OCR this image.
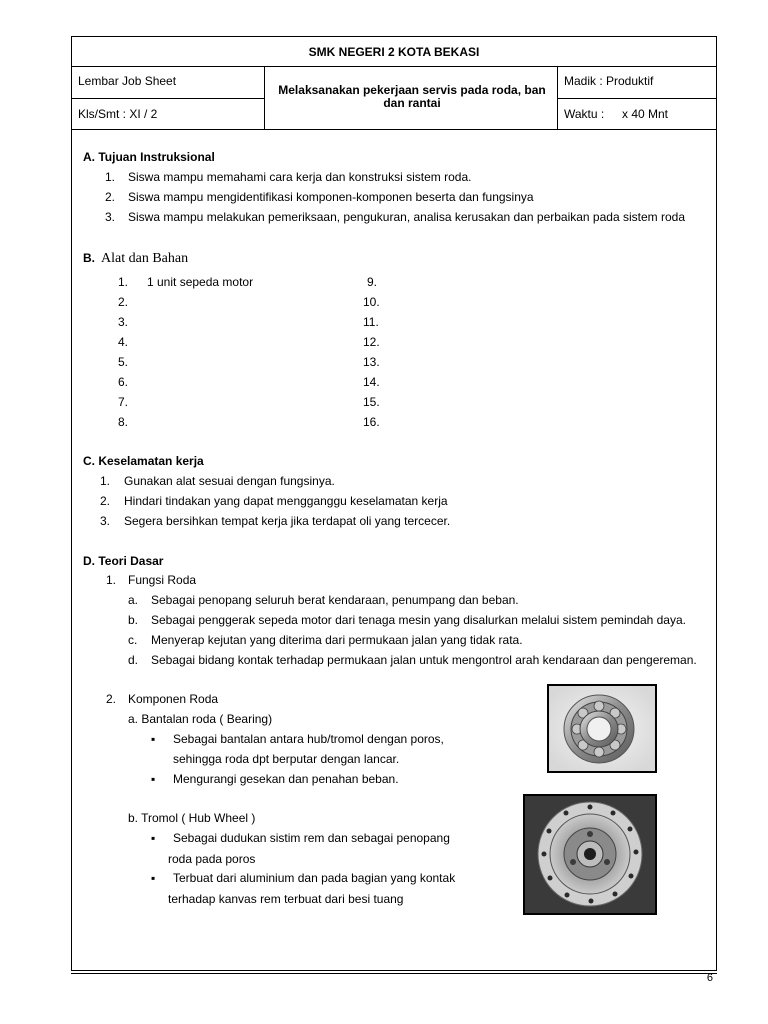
SMK NEGERI 2 KOTA BEKASI
Lembar Job Sheet
Kls/Smt : XI / 2
Melaksanakan pekerjaan servis pada roda, ban dan rantai
Madik : Produktif
Waktu : x 40 Mnt
A. Tujuan Instruksional
1. Siswa mampu memahami cara kerja dan konstruksi sistem roda.
2. Siswa mampu mengidentifikasi komponen-komponen beserta dan fungsinya
3. Siswa mampu melakukan pemeriksaan, pengukuran, analisa kerusakan dan perbaikan pada sistem roda
B. Alat dan Bahan
1. 1 unit sepeda motor
2.
3.
4.
5.
6.
7.
8.
9.
10.
11.
12.
13.
14.
15.
16.
C. Keselamatan kerja
1. Gunakan alat sesuai dengan fungsinya.
2. Hindari tindakan yang dapat mengganggu keselamatan kerja
3. Segera bersihkan tempat kerja jika terdapat oli yang tercecer.
D. Teori Dasar
1. Fungsi Roda
a. Sebagai penopang seluruh berat kendaraan, penumpang dan beban.
b. Sebagai penggerak sepeda motor dari tenaga mesin yang disalurkan melalui sistem pemindah daya.
c. Menyerap kejutan yang diterima dari permukaan jalan yang tidak rata.
d. Sebagai bidang kontak terhadap permukaan jalan untuk mengontrol arah kendaraan dan pengereman.
2. Komponen Roda
a. Bantalan roda ( Bearing)
▪ Sebagai bantalan antara hub/tromol dengan poros,
sehingga roda dpt berputar dengan lancar.
▪ Mengurangi gesekan dan penahan beban.
b. Tromol ( Hub Wheel )
▪ Sebagai dudukan sistim rem dan sebagai penopang
roda pada poros
▪ Terbuat dari aluminium dan pada bagian yang kontak
terhadap kanvas rem terbuat dari besi tuang
6
